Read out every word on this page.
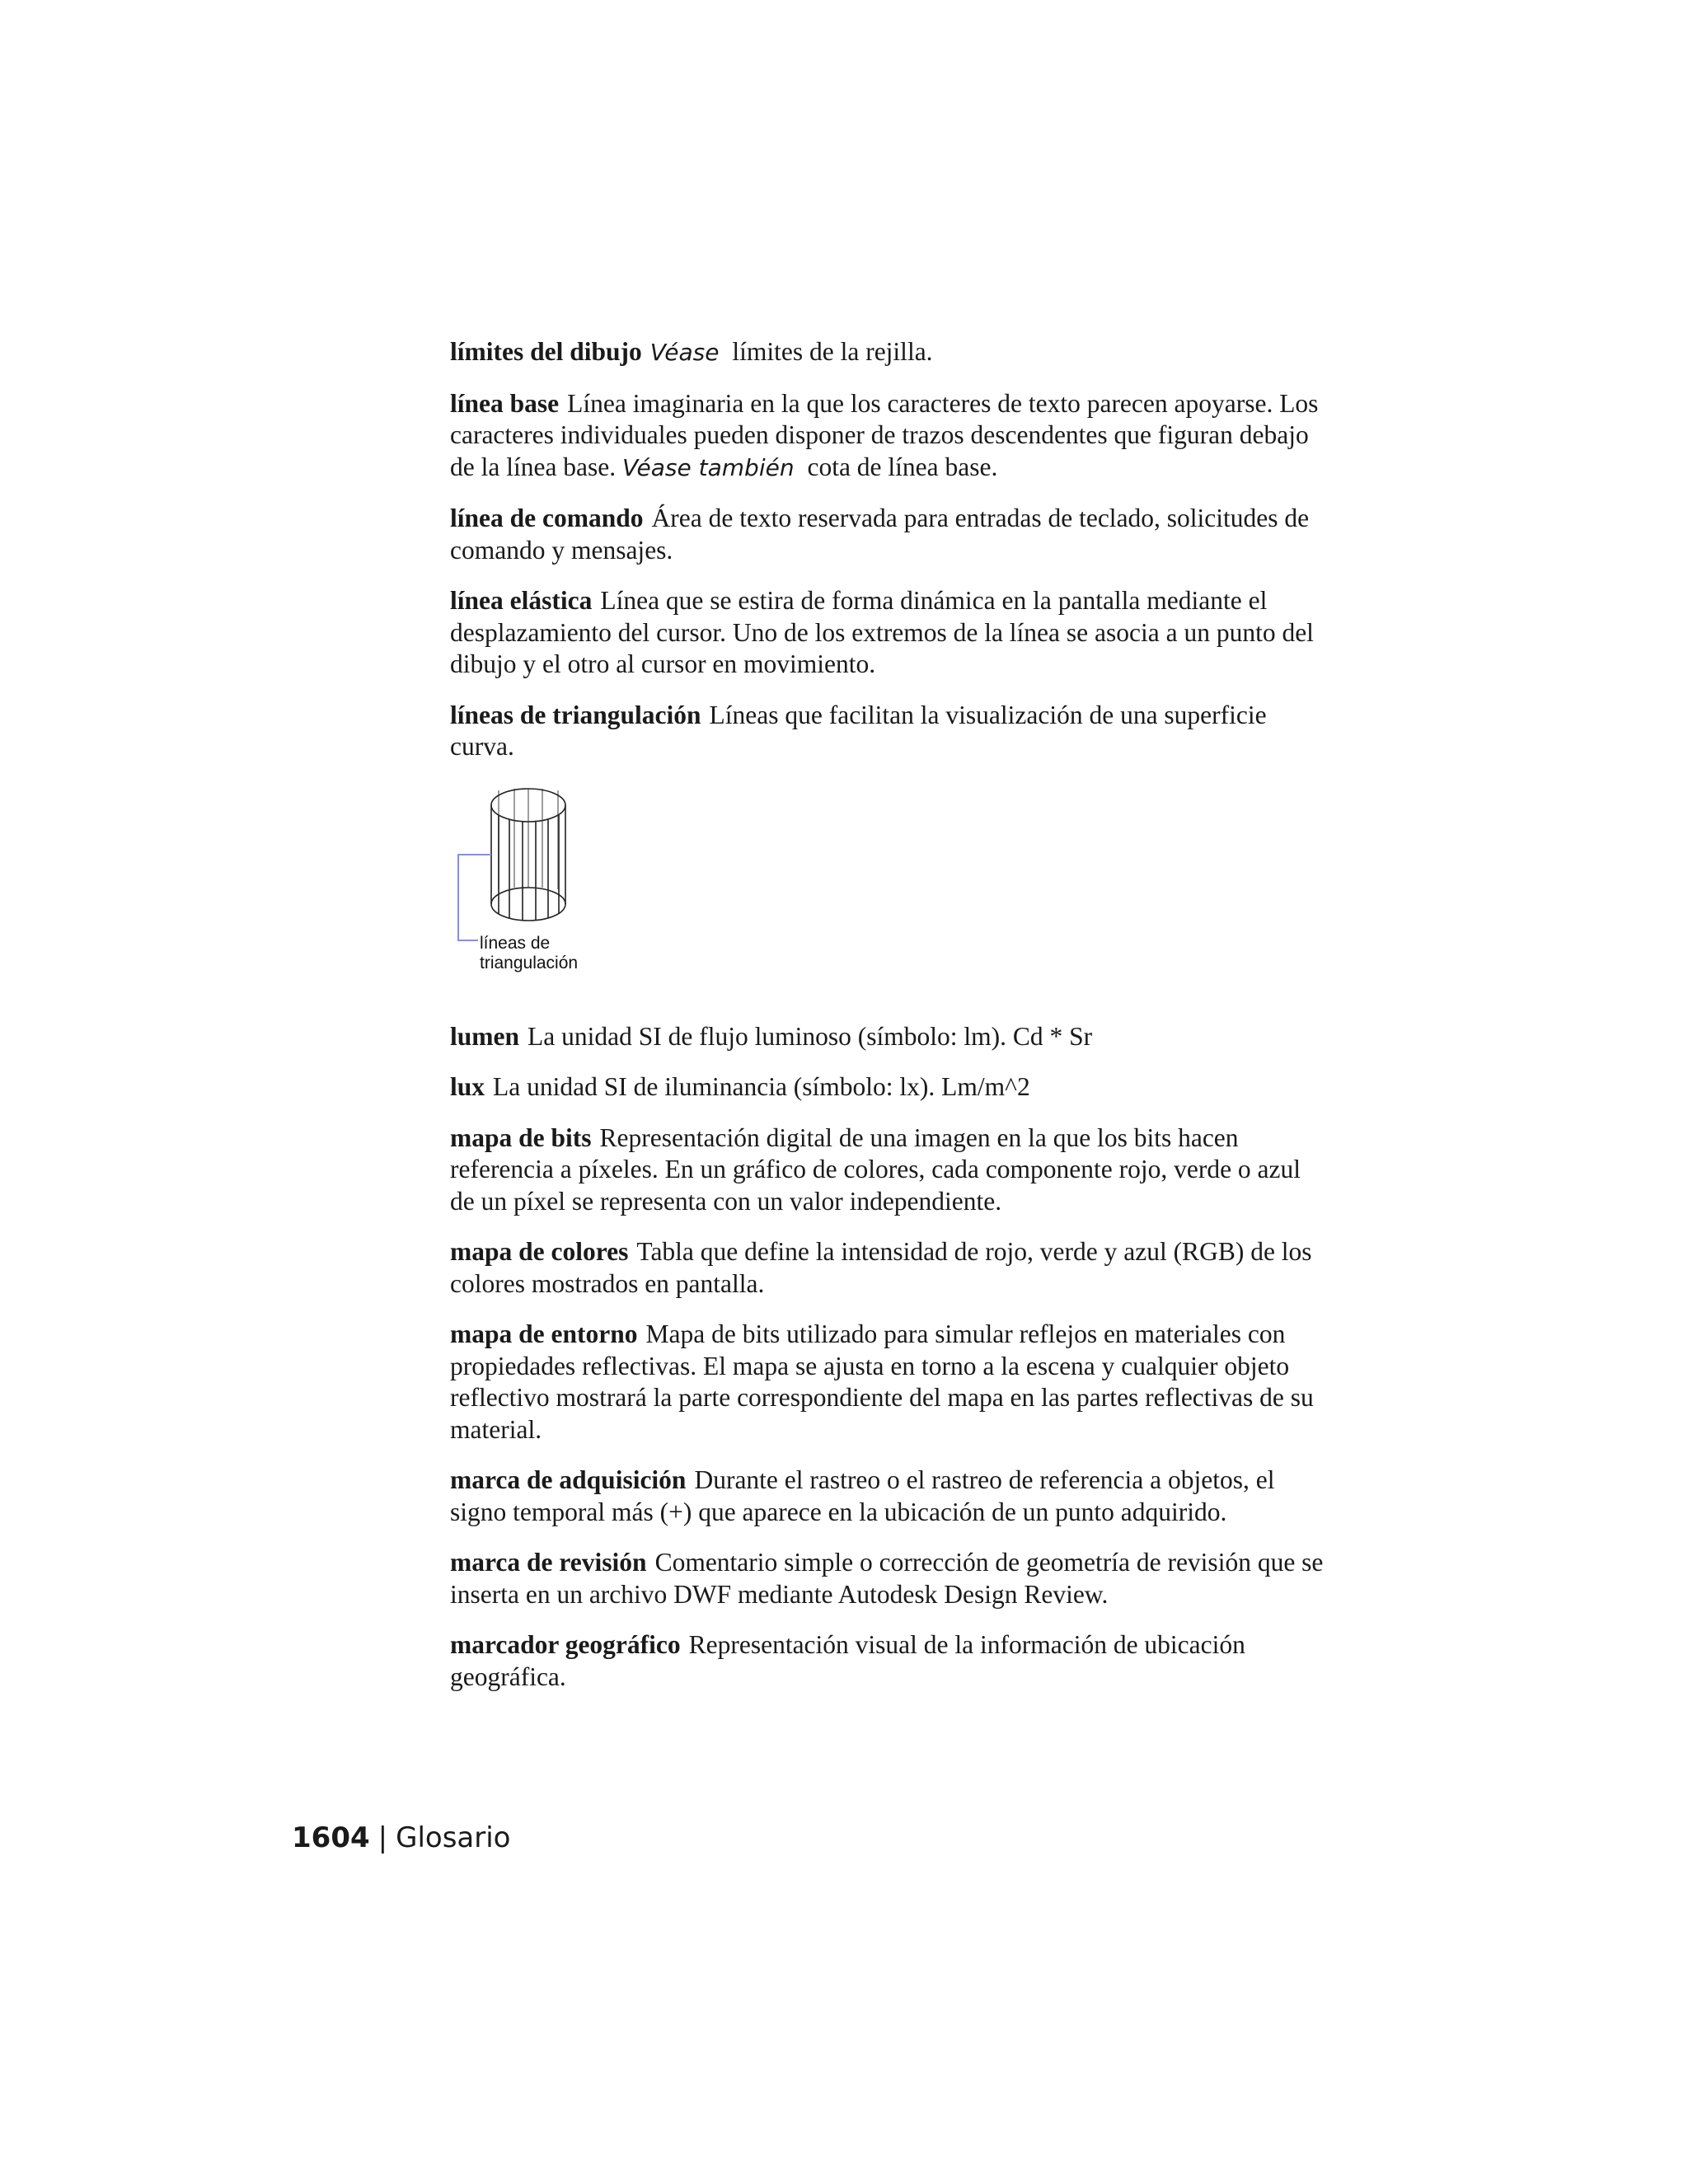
límites del dibujo Véase límites de la rejilla.

línea base Línea imaginaria en la que los caracteres de texto parecen apoyarse. Los caracteres individuales pueden disponer de trazos descendentes que figuran debajo de la línea base. Véase también cota de línea base.

línea de comando Área de texto reservada para entradas de teclado, solicitudes de comando y mensajes.

línea elástica Línea que se estira de forma dinámica en la pantalla mediante el desplazamiento del cursor. Uno de los extremos de la línea se asocia a un punto del dibujo y el otro al cursor en movimiento.

líneas de triangulación Líneas que facilitan la visualización de una superficie curva.

líneas de
triangulación

lumen La unidad SI de flujo luminoso (símbolo: lm). Cd * Sr

lux La unidad SI de iluminancia (símbolo: lx). Lm/m^2

mapa de bits Representación digital de una imagen en la que los bits hacen referencia a píxeles. En un gráfico de colores, cada componente rojo, verde o azul de un píxel se representa con un valor independiente.

mapa de colores Tabla que define la intensidad de rojo, verde y azul (RGB) de los colores mostrados en pantalla.

mapa de entorno Mapa de bits utilizado para simular reflejos en materiales con propiedades reflectivas. El mapa se ajusta en torno a la escena y cualquier objeto reflectivo mostrará la parte correspondiente del mapa en las partes reflectivas de su material.

marca de adquisición Durante el rastreo o el rastreo de referencia a objetos, el signo temporal más (+) que aparece en la ubicación de un punto adquirido.

marca de revisión Comentario simple o corrección de geometría de revisión que se inserta en un archivo DWF mediante Autodesk Design Review.

marcador geográfico Representación visual de la información de ubicación geográfica.

1604 | Glosario
